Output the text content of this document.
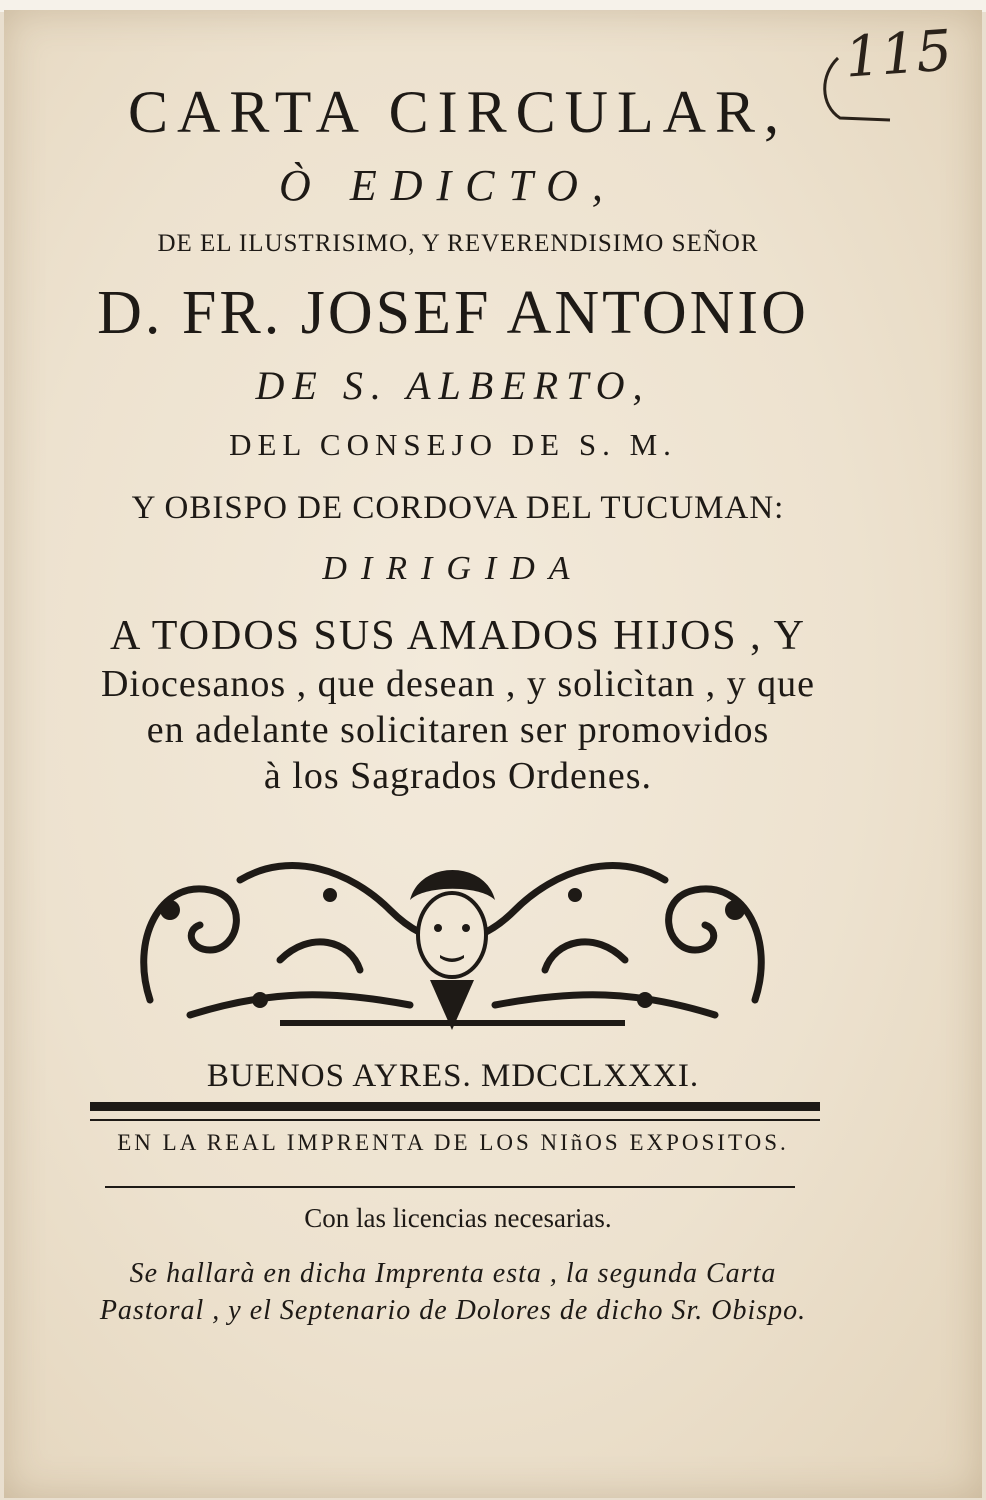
115
CARTA CIRCULAR,
Ò EDICTO,
DE EL ILUSTRISIMO, Y REVERENDISIMO SEÑOR
D. FR. JOSEF ANTONIO
DE S. ALBERTO,
DEL CONSEJO DE S. M.
Y OBISPO DE CORDOVA DEL TUCUMAN:
DIRIGIDA
A TODOS SUS AMADOS HIJOS , Y
Diocesanos , que desean , y solicìtan , y que
en adelante solicitaren ser promovidos
à los Sagrados Ordenes.
BUENOS AYRES. MDCCLXXXI.
EN LA REAL IMPRENTA DE LOS NIñOS EXPOSITOS.
Con las licencias necesarias.
Se hallarà en dicha Imprenta esta , la segunda Carta
Pastoral , y el Septenario de Dolores de dicho Sr. Obispo.
